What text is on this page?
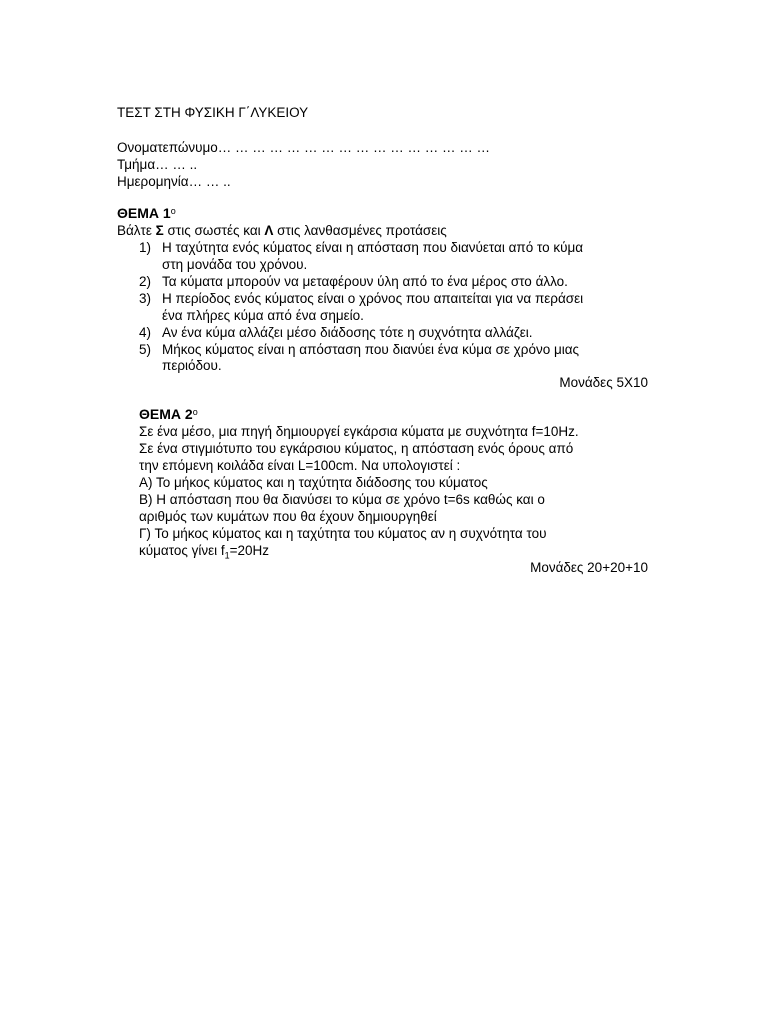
ΤΕΣΤ ΣΤΗ ΦΥΣΙΚΗ Γ΄ΛΥΚΕΙΟΥ
Ονοματεπώνυμο… … … … … … … … … … … … … … … …
Τμήμα… … ..
Ημερομηνία… … ..
ΘΕΜΑ $1^o$
Βάλτε Σ στις σωστές και Λ στις λανθασμένες προτάσεις
1) Η ταχύτητα ενός κύματος είναι η απόσταση που διανύεται από το κύμα
στη μονάδα του χρόνου.
2) Τα κύματα μπορούν να μεταφέρουν ύλη από το ένα μέρος στο άλλο.
3) Η περίοδος ενός κύματος είναι ο χρόνος που απαιτείται για να περάσει
ένα πλήρες κύμα από ένα σημείο.
4) Αν ένα κύμα αλλάζει μέσο διάδοσης τότε η συχνότητα αλλάζει.
5) Μήκος κύματος είναι η απόσταση που διανύει ένα κύμα σε χρόνο μιας
περιόδου.
Μονάδες 5Χ10
ΘΕΜΑ $2^o$
Σε ένα μέσο, μια πηγή δημιουργεί εγκάρσια κύματα με συχνότητα f=10Hz.
Σε ένα στιγμιότυπο του εγκάρσιου κύματος, η απόσταση ενός όρους από
την επόμενη κοιλάδα είναι L=100cm. Να υπολογιστεί :
Α) Το μήκος κύματος και η ταχύτητα διάδοσης του κύματος
Β) Η απόσταση που θα διανύσει το κύμα σε χρόνο t=6s καθώς και ο
αριθμός των κυμάτων που θα έχουν δημιουργηθεί
Γ) Το μήκος κύματος και η ταχύτητα του κύματος αν η συχνότητα του
κύματος γίνει $f_1=20Hz$
Μονάδες 20+20+10
